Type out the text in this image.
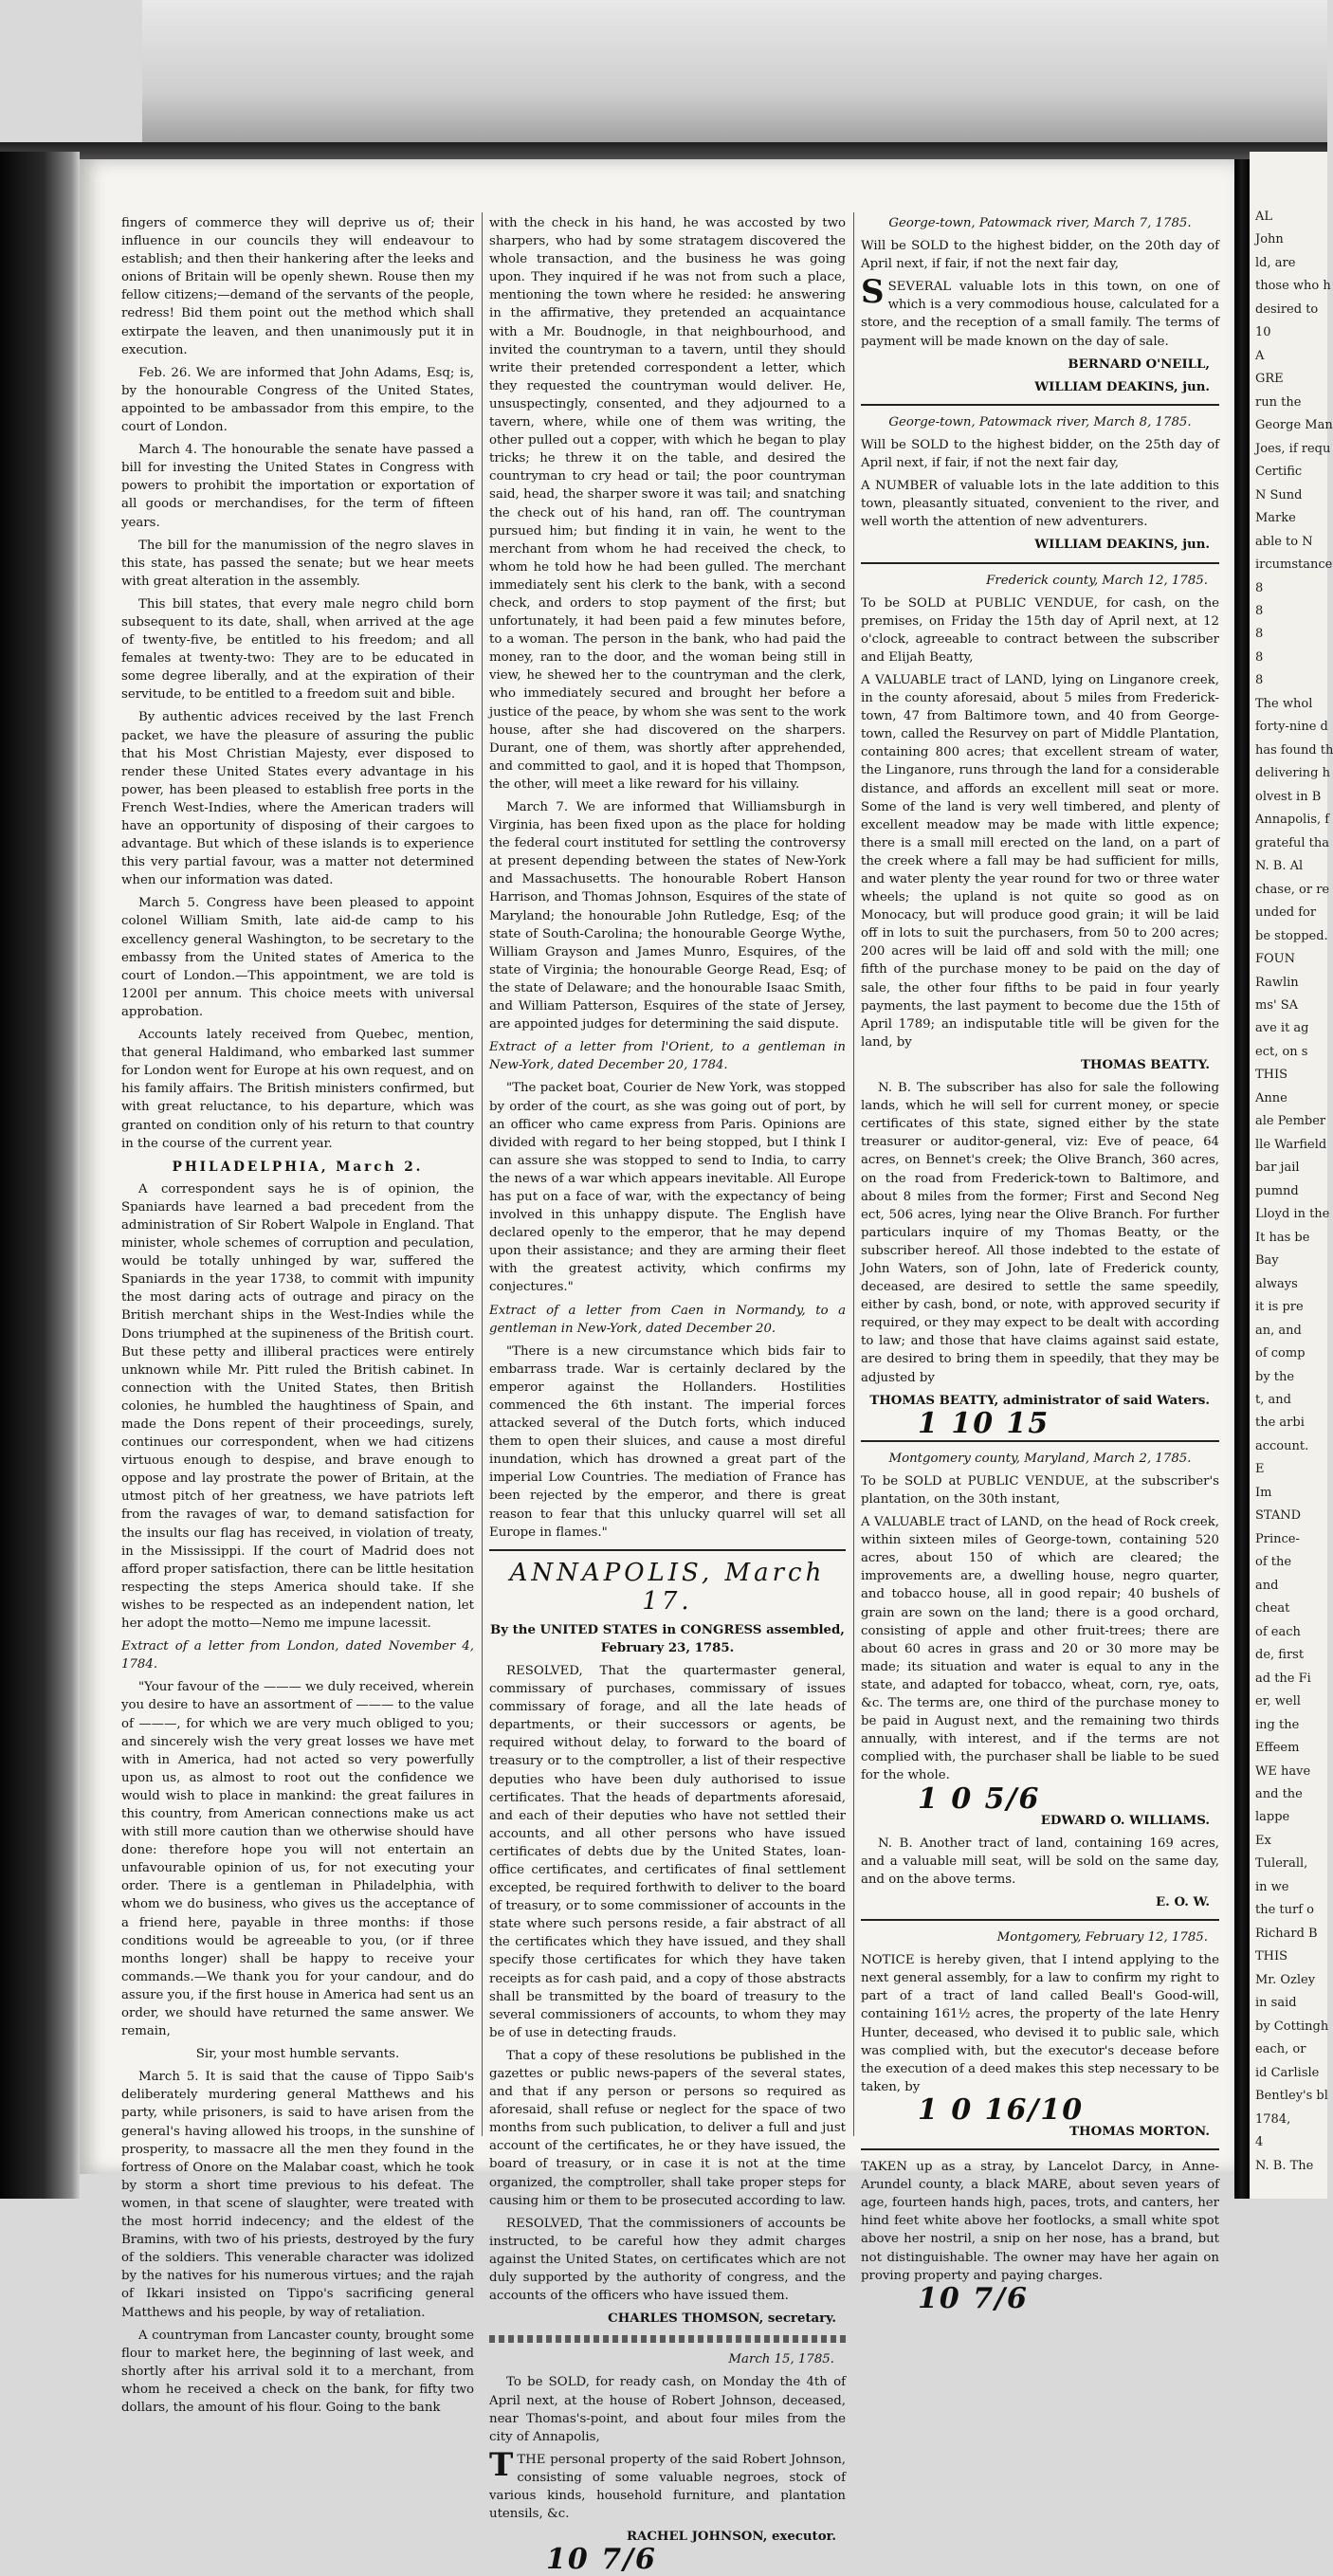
fingers of commerce they will deprive us of; their influence in our councils they will endeavour to establish; and then their hankering after the leeks and onions of Britain will be openly shewn. Rouse then my fellow citizens;—demand of the servants of the people, redress! Bid them point out the method which shall extirpate the leaven, and then unanimously put it in execution.

Feb. 26. We are informed that John Adams, Esq; is, by the honourable Congress of the United States, appointed to be ambassador from this empire, to the court of London.

March 4. The honourable the senate have passed a bill for investing the United States in Congress with powers to prohibit the importation or exportation of all goods or merchandises, for the term of fifteen years.

The bill for the manumission of the negro slaves in this state, has passed the senate; but we hear meets with great alteration in the assembly.

This bill states, that every male negro child born subsequent to its date, shall, when arrived at the age of twenty-five, be entitled to his freedom; and all females at twenty-two: They are to be educated in some degree liberally, and at the expiration of their servitude, to be entitled to a freedom suit and bible.

By authentic advices received by the last French packet, we have the pleasure of assuring the public that his Most Christian Majesty, ever disposed to render these United States every advantage in his power, has been pleased to establish free ports in the French West-Indies, where the American traders will have an opportunity of disposing of their cargoes to advantage. But which of these islands is to experience this very partial favour, was a matter not determined when our information was dated.

March 5. Congress have been pleased to appoint colonel William Smith, late aid-de camp to his excellency general Washington, to be secretary to the embassy from the United states of America to the court of London.—This appointment, we are told is 1200l per annum. This choice meets with universal approbation.

Accounts lately received from Quebec, mention, that general Haldimand, who embarked last summer for London went for Europe at his own request, and on his family affairs. The British ministers confirmed, but with great reluctance, to his departure, which was granted on condition only of his return to that country in the course of the current year.

PHILADELPHIA, March 2.

A correspondent says he is of opinion, the Spaniards have learned a bad precedent from the administration of Sir Robert Walpole in England. That minister, whole schemes of corruption and peculation, would be totally unhinged by war, suffered the Spaniards in the year 1738, to commit with impunity the most daring acts of outrage and piracy on the British merchant ships in the West-Indies while the Dons triumphed at the supineness of the British court. But these petty and illiberal practices were entirely unknown while Mr. Pitt ruled the British cabinet. In connection with the United States, then British colonies, he humbled the haughtiness of Spain, and made the Dons repent of their proceedings, surely, continues our correspondent, when we had citizens virtuous enough to despise, and brave enough to oppose and lay prostrate the power of Britain, at the utmost pitch of her greatness, we have patriots left from the ravages of war, to demand satisfaction for the insults our flag has received, in violation of treaty, in the Mississippi. If the court of Madrid does not afford proper satisfaction, there can be little hesitation respecting the steps America should take. If she wishes to be respected as an independent nation, let her adopt the motto—Nemo me impune lacessit.

Extract of a letter from London, dated November 4, 1784.

"Your favour of the ——— we duly received, wherein you desire to have an assortment of ——— to the value of ———, for which we are very much obliged to you; and sincerely wish the very great losses we have met with in America, had not acted so very powerfully upon us, as almost to root out the confidence we would wish to place in mankind: the great failures in this country, from American connections make us act with still more caution than we otherwise should have done: therefore hope you will not entertain an unfavourable opinion of us, for not executing your order. There is a gentleman in Philadelphia, with whom we do business, who gives us the acceptance of a friend here, payable in three months: if those conditions would be agreeable to you, (or if three months longer) shall be happy to receive your commands.—We thank you for your candour, and do assure you, if the first house in America had sent us an order, we should have returned the same answer. We remain,

Sir, your most humble servants.

March 5. It is said that the cause of Tippo Saib's deliberately murdering general Matthews and his party, while prisoners, is said to have arisen from the general's having allowed his troops, in the sunshine of prosperity, to massacre all the men they found in the fortress of Onore on the Malabar coast, which he took by storm a short time previous to his defeat. The women, in that scene of slaughter, were treated with the most horrid indecency; and the eldest of the Bramins, with two of his priests, destroyed by the fury of the soldiers. This venerable character was idolized by the natives for his numerous virtues; and the rajah of Ikkari insisted on Tippo's sacrificing general Matthews and his people, by way of retaliation.

A countryman from Lancaster county, brought some flour to market here, the beginning of last week, and shortly after his arrival sold it to a merchant, from whom he received a check on the bank, for fifty two dollars, the amount of his flour. Going to the bank

with the check in his hand, he was accosted by two sharpers, who had by some stratagem discovered the whole transaction, and the business he was going upon. They inquired if he was not from such a place, mentioning the town where he resided: he answering in the affirmative, they pretended an acquaintance with a Mr. Boudnogle, in that neighbourhood, and invited the countryman to a tavern, until they should write their pretended correspondent a letter, which they requested the countryman would deliver. He, unsuspectingly, consented, and they adjourned to a tavern, where, while one of them was writing, the other pulled out a copper, with which he began to play tricks; he threw it on the table, and desired the countryman to cry head or tail; the poor countryman said, head, the sharper swore it was tail; and snatching the check out of his hand, ran off. The countryman pursued him; but finding it in vain, he went to the merchant from whom he had received the check, to whom he told how he had been gulled. The merchant immediately sent his clerk to the bank, with a second check, and orders to stop payment of the first; but unfortunately, it had been paid a few minutes before, to a woman. The person in the bank, who had paid the money, ran to the door, and the woman being still in view, he shewed her to the countryman and the clerk, who immediately secured and brought her before a justice of the peace, by whom she was sent to the work house, after she had discovered on the sharpers. Durant, one of them, was shortly after apprehended, and committed to gaol, and it is hoped that Thompson, the other, will meet a like reward for his villainy.

March 7. We are informed that Williamsburgh in Virginia, has been fixed upon as the place for holding the federal court instituted for settling the controversy at present depending between the states of New-York and Massachusetts. The honourable Robert Hanson Harrison, and Thomas Johnson, Esquires of the state of Maryland; the honourable John Rutledge, Esq; of the state of South-Carolina; the honourable George Wythe, William Grayson and James Munro, Esquires, of the state of Virginia; the honourable George Read, Esq; of the state of Delaware; and the honourable Isaac Smith, and William Patterson, Esquires of the state of Jersey, are appointed judges for determining the said dispute.

Extract of a letter from l'Orient, to a gentleman in New-York, dated December 20, 1784.

"The packet boat, Courier de New York, was stopped by order of the court, as she was going out of port, by an officer who came express from Paris. Opinions are divided with regard to her being stopped, but I think I can assure she was stopped to send to India, to carry the news of a war which appears inevitable. All Europe has put on a face of war, with the expectancy of being involved in this unhappy dispute. The English have declared openly to the emperor, that he may depend upon their assistance; and they are arming their fleet with the greatest activity, which confirms my conjectures."

Extract of a letter from Caen in Normandy, to a gentleman in New-York, dated December 20.

"There is a new circumstance which bids fair to embarrass trade. War is certainly declared by the emperor against the Hollanders. Hostilities commenced the 6th instant. The imperial forces attacked several of the Dutch forts, which induced them to open their sluices, and cause a most direful inundation, which has drowned a great part of the imperial Low Countries. The mediation of France has been rejected by the emperor, and there is great reason to fear that this unlucky quarrel will set all Europe in flames."

ANNAPOLIS, March 17.

By the UNITED STATES in CONGRESS assembled, February 23, 1785.

RESOLVED, That the quartermaster general, commissary of purchases, commissary of issues commissary of forage, and all the late heads of departments, or their successors or agents, be required without delay, to forward to the board of treasury or to the comptroller, a list of their respective deputies who have been duly authorised to issue certificates. That the heads of departments aforesaid, and each of their deputies who have not settled their accounts, and all other persons who have issued certificates of debts due by the United States, loan-office certificates, and certificates of final settlement excepted, be required forthwith to deliver to the board of treasury, or to some commissioner of accounts in the state where such persons reside, a fair abstract of all the certificates which they have issued, and they shall specify those certificates for which they have taken receipts as for cash paid, and a copy of those abstracts shall be transmitted by the board of treasury to the several commissioners of accounts, to whom they may be of use in detecting frauds.

That a copy of these resolutions be published in the gazettes or public news-papers of the several states, and that if any person or persons so required as aforesaid, shall refuse or neglect for the space of two months from such publication, to deliver a full and just account of the certificates, he or they have issued, the board of treasury, or in case it is not at the time organized, the comptroller, shall take proper steps for causing him or them to be prosecuted according to law.

RESOLVED, That the commissioners of accounts be instructed, to be careful how they admit charges against the United States, on certificates which are not duly supported by the authority of congress, and the accounts of the officers who have issued them.

CHARLES THOMSON, secretary.

March 15, 1785.

To be SOLD, for ready cash, on Monday the 4th of April next, at the house of Robert Johnson, deceased, near Thomas's-point, and about four miles from the city of Annapolis,

TTHE personal property of the said Robert Johnson, consisting of some valuable negroes, stock of various kinds, household furniture, and plantation utensils, &c.

RACHEL JOHNSON, executor.

10 7/6

George-town, Patowmack river, March 7, 1785.

Will be SOLD to the highest bidder, on the 20th day of April next, if fair, if not the next fair day,

SSEVERAL valuable lots in this town, on one of which is a very commodious house, calculated for a store, and the reception of a small family. The terms of payment will be made known on the day of sale.

BERNARD O'NEILL,

WILLIAM DEAKINS, jun.

George-town, Patowmack river, March 8, 1785.

Will be SOLD to the highest bidder, on the 25th day of April next, if fair, if not the next fair day,

A NUMBER of valuable lots in the late addition to this town, pleasantly situated, convenient to the river, and well worth the attention of new adventurers.

WILLIAM DEAKINS, jun.

Frederick county, March 12, 1785.

To be SOLD at PUBLIC VENDUE, for cash, on the premises, on Friday the 15th day of April next, at 12 o'clock, agreeable to contract between the subscriber and Elijah Beatty,

A VALUABLE tract of LAND, lying on Linganore creek, in the county aforesaid, about 5 miles from Frederick-town, 47 from Baltimore town, and 40 from George-town, called the Resurvey on part of Middle Plantation, containing 800 acres; that excellent stream of water, the Linganore, runs through the land for a considerable distance, and affords an excellent mill seat or more. Some of the land is very well timbered, and plenty of excellent meadow may be made with little expence; there is a small mill erected on the land, on a part of the creek where a fall may be had sufficient for mills, and water plenty the year round for two or three water wheels; the upland is not quite so good as on Monocacy, but will produce good grain; it will be laid off in lots to suit the purchasers, from 50 to 200 acres; 200 acres will be laid off and sold with the mill; one fifth of the purchase money to be paid on the day of sale, the other four fifths to be paid in four yearly payments, the last payment to become due the 15th of April 1789; an indisputable title will be given for the land, by

THOMAS BEATTY.

N. B. The subscriber has also for sale the following lands, which he will sell for current money, or specie certificates of this state, signed either by the state treasurer or auditor-general, viz: Eve of peace, 64 acres, on Bennet's creek; the Olive Branch, 360 acres, on the road from Frederick-town to Baltimore, and about 8 miles from the former; First and Second Neg ect, 506 acres, lying near the Olive Branch. For further particulars inquire of my Thomas Beatty, or the subscriber hereof. All those indebted to the estate of John Waters, son of John, late of Frederick county, deceased, are desired to settle the same speedily, either by cash, bond, or note, with approved security if required, or they may expect to be dealt with according to law; and those that have claims against said estate, are desired to bring them in speedily, that they may be adjusted by

THOMAS BEATTY, administrator of said Waters.

1 10 15

Montgomery county, Maryland, March 2, 1785.

To be SOLD at PUBLIC VENDUE, at the subscriber's plantation, on the 30th instant,

A VALUABLE tract of LAND, on the head of Rock creek, within sixteen miles of George-town, containing 520 acres, about 150 of which are cleared; the improvements are, a dwelling house, negro quarter, and tobacco house, all in good repair; 40 bushels of grain are sown on the land; there is a good orchard, consisting of apple and other fruit-trees; there are about 60 acres in grass and 20 or 30 more may be made; its situation and water is equal to any in the state, and adapted for tobacco, wheat, corn, rye, oats, &c. The terms are, one third of the purchase money to be paid in August next, and the remaining two thirds annually, with interest, and if the terms are not complied with, the purchaser shall be liable to be sued for the whole.

1 0 5/6

EDWARD O. WILLIAMS.

N. B. Another tract of land, containing 169 acres, and a valuable mill seat, will be sold on the same day, and on the above terms.

E. O. W.

Montgomery, February 12, 1785.

NOTICE is hereby given, that I intend applying to the next general assembly, for a law to confirm my right to part of a tract of land called Beall's Good-will, containing 161½ acres, the property of the late Henry Hunter, deceased, who devised it to public sale, which was complied with, but the executor's decease before the execution of a deed makes this step necessary to be taken, by

1 0 16/10

THOMAS MORTON.

TAKEN up as a stray, by Lancelot Darcy, in Anne-Arundel county, a black MARE, about seven years of age, fourteen hands high, paces, trots, and canters, her hind feet white above her footlocks, a small white spot above her nostril, a snip on her nose, has a brand, but not distinguishable. The owner may have her again on proving property and paying charges.

10 7/6
AL
John
ld, are
those who h
desired to
10
A
GRE
run the
George Man
Joes, if requ
Certific
N Sund
Marke
able to N
ircumstance
8
8
8
8
8
The whol
forty-nine d
has found th
delivering h
olvest in B
Annapolis, f
grateful tha
N. B. Al
chase, or re
unded for
be stopped.
FOUN
Rawlin
ms' SA
ave it ag
ect, on s
THIS
Anne
ale Pember
lle Warfield
bar jail
pumnd
Lloyd in the
It has be
Bay
always
it is pre
an, and
of comp
by the
t, and
the arbi
account.
E
Im
STAND
Prince-
of the
and
cheat
of each
de, first
ad the Fi
er, well
ing the
Effeem
WE have
and the
lappe
Ex
Tulerall,
in we
the turf o
Richard B
THIS
Mr. Ozley
in said
by Cottingh
each, or
id Carlisle
Bentley's bl
1784,
4
N. B. The
